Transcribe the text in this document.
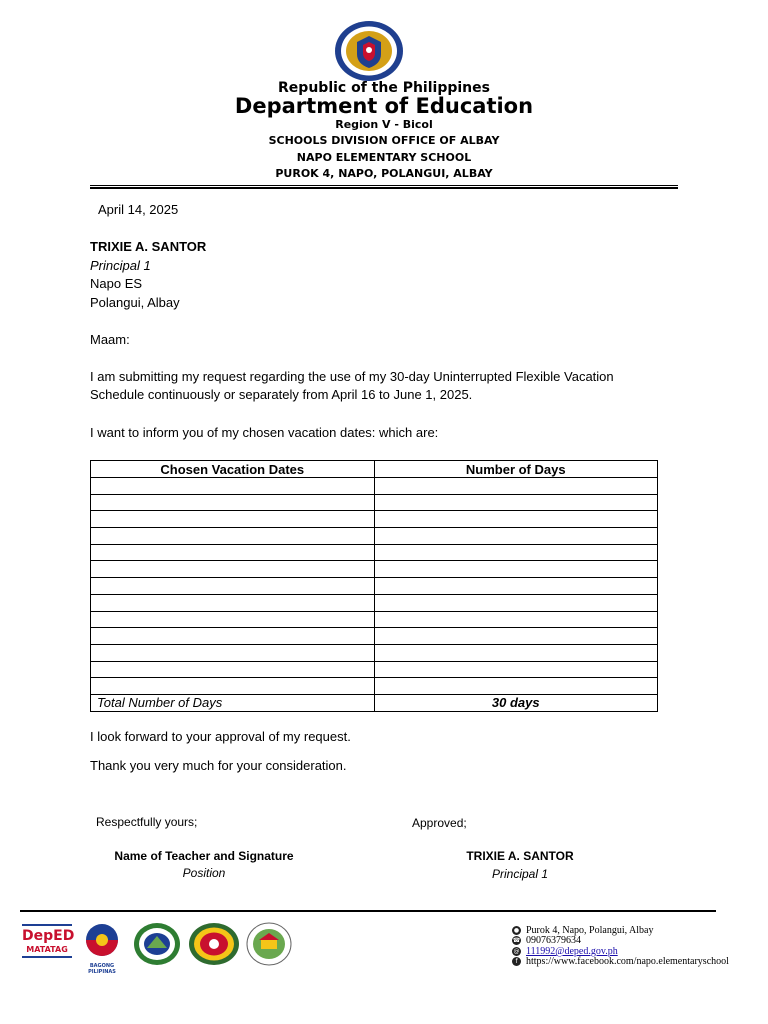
Republic of the Philippines
Department of Education
Region V - Bicol
SCHOOLS DIVISION OFFICE OF ALBAY
NAPO ELEMENTARY SCHOOL
PUROK 4, NAPO, POLANGUI, ALBAY
April 14, 2025
TRIXIE A. SANTOR
Principal 1
Napo ES
Polangui, Albay
Maam:
I am submitting my request regarding the use of my 30-day Uninterrupted Flexible Vacation
Schedule continuously or separately from April 16 to June 1, 2025.
I want to inform you of my chosen vacation dates: which are:
Chosen Vacation Dates	Number of Days

Total Number of Days	30 days
I look forward to your approval of my request.
Thank you very much for your consideration.
Respectfully yours;	Approved;
Name of Teacher and Signature
Position
TRIXIE A. SANTOR
Principal 1
DepED
MATATAG
BAGONG PILIPINAS
● Purok 4, Napo, Polangui, Albay
☎ 09076379634
@ 111992@deped.gov.ph
f https://www.facebook.com/napo.elementaryschool
